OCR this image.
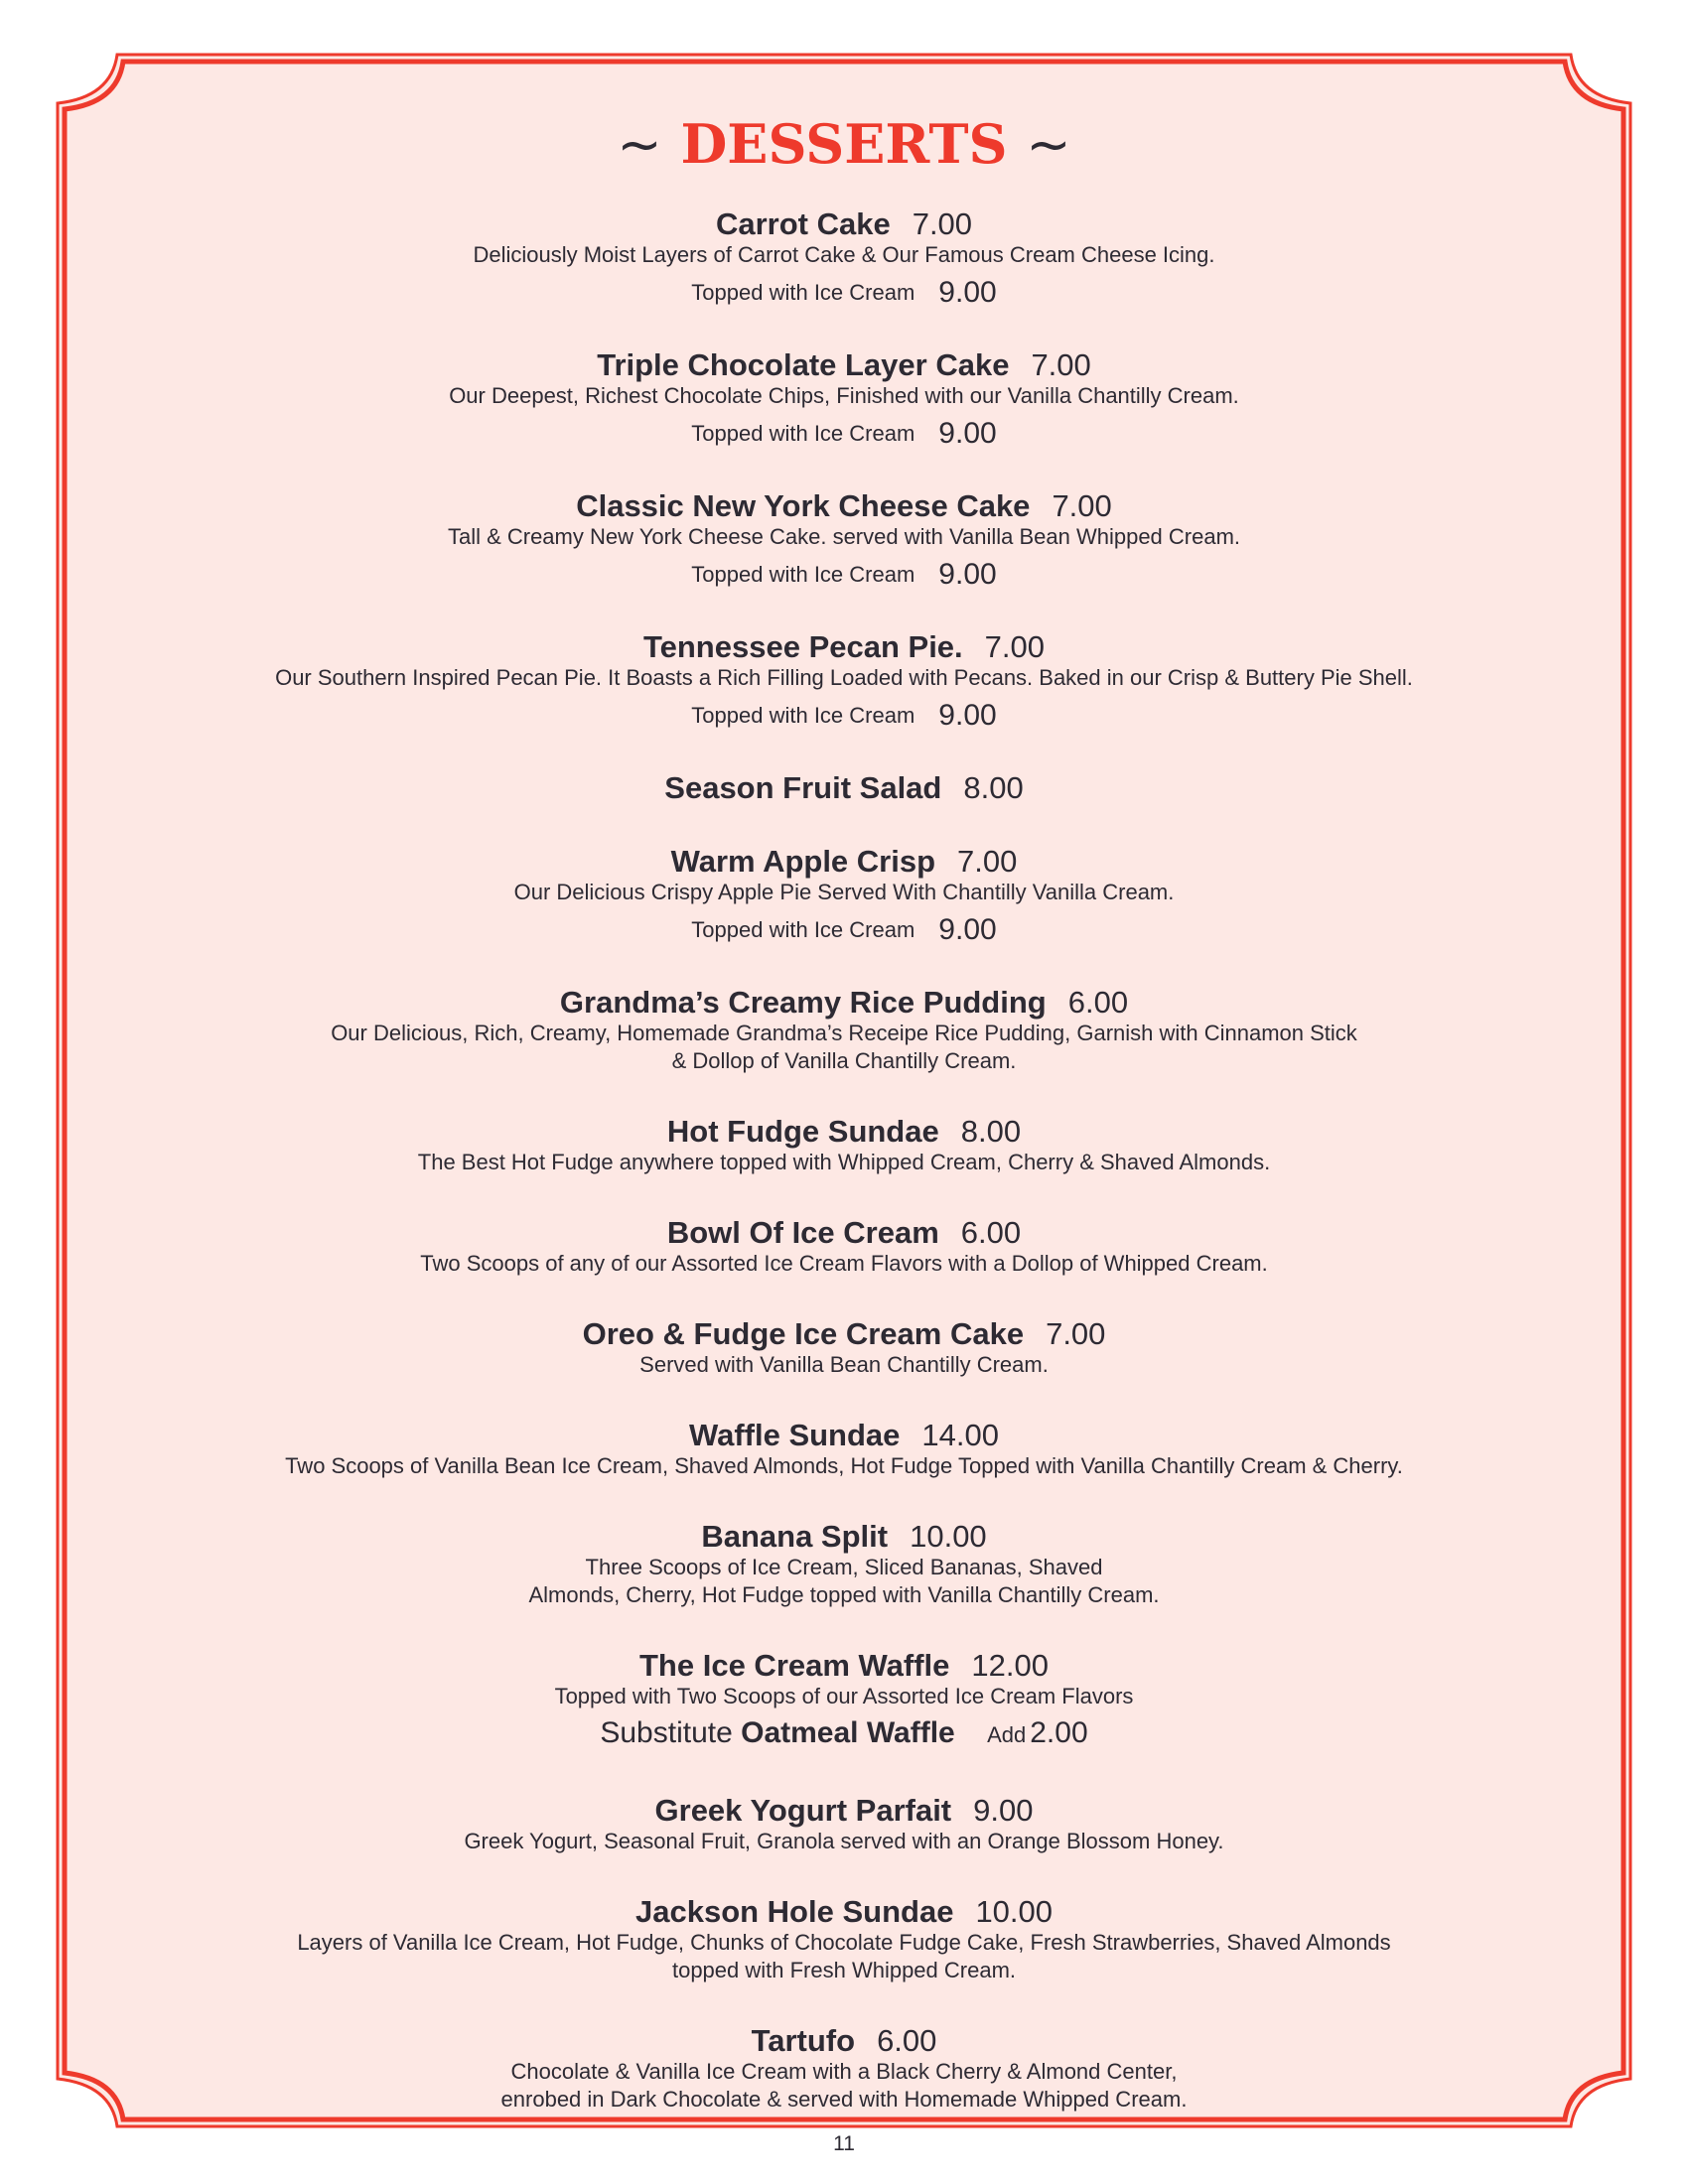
~ DESSERTS ~
Carrot Cake 7.00
Deliciously Moist Layers of Carrot Cake & Our Famous Cream Cheese Icing.
Topped with Ice Cream 9.00
Triple Chocolate Layer Cake 7.00
Our Deepest, Richest Chocolate Chips, Finished with our Vanilla Chantilly Cream.
Topped with Ice Cream 9.00
Classic New York Cheese Cake 7.00
Tall & Creamy New York Cheese Cake. served with Vanilla Bean Whipped Cream.
Topped with Ice Cream 9.00
Tennessee Pecan Pie. 7.00
Our Southern Inspired Pecan Pie. It Boasts a Rich Filling Loaded with Pecans. Baked in our Crisp & Buttery Pie Shell.
Topped with Ice Cream 9.00
Season Fruit Salad 8.00
Warm Apple Crisp 7.00
Our Delicious Crispy Apple Pie Served With Chantilly Vanilla Cream.
Topped with Ice Cream 9.00
Grandma’s Creamy Rice Pudding 6.00
Our Delicious, Rich, Creamy, Homemade Grandma’s Receipe Rice Pudding, Garnish with Cinnamon Stick
& Dollop of Vanilla Chantilly Cream.
Hot Fudge Sundae 8.00
The Best Hot Fudge anywhere topped with Whipped Cream, Cherry & Shaved Almonds.
Bowl Of Ice Cream 6.00
Two Scoops of any of our Assorted Ice Cream Flavors with a Dollop of Whipped Cream.
Oreo & Fudge Ice Cream Cake 7.00
Served with Vanilla Bean Chantilly Cream.
Waffle Sundae 14.00
Two Scoops of Vanilla Bean Ice Cream, Shaved Almonds, Hot Fudge Topped with Vanilla Chantilly Cream & Cherry.
Banana Split 10.00
Three Scoops of Ice Cream, Sliced Bananas, Shaved
Almonds, Cherry, Hot Fudge topped with Vanilla Chantilly Cream.
The Ice Cream Waffle 12.00
Topped with Two Scoops of our Assorted Ice Cream Flavors
Substitute Oatmeal Waffle Add 2.00
Greek Yogurt Parfait 9.00
Greek Yogurt, Seasonal Fruit, Granola served with an Orange Blossom Honey.
Jackson Hole Sundae 10.00
Layers of Vanilla Ice Cream, Hot Fudge, Chunks of Chocolate Fudge Cake, Fresh Strawberries, Shaved Almonds
topped with Fresh Whipped Cream.
Tartufo 6.00
Chocolate & Vanilla Ice Cream with a Black Cherry & Almond Center,
enrobed in Dark Chocolate & served with Homemade Whipped Cream.
11
